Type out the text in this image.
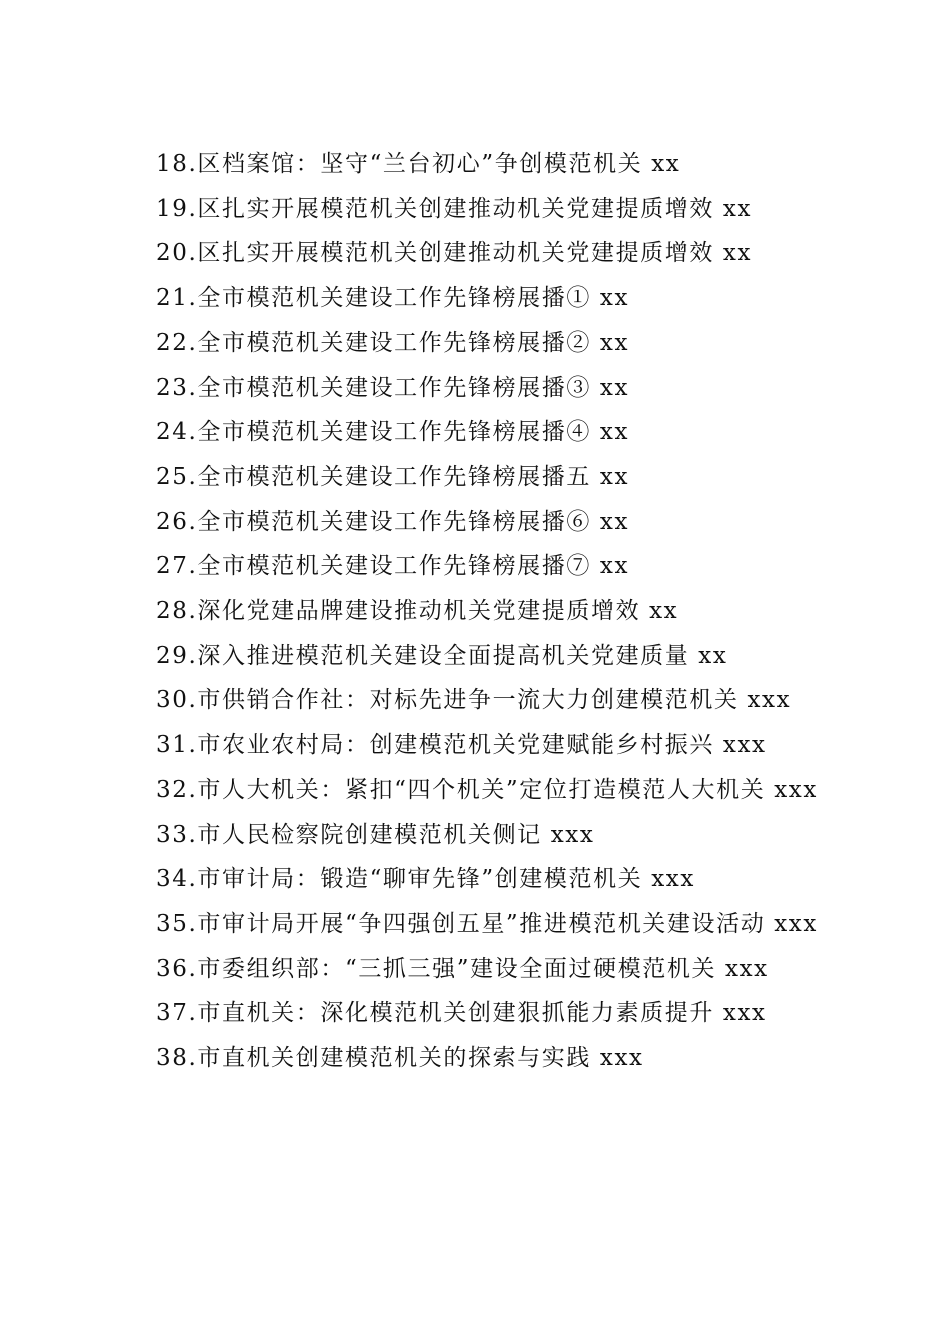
18.区档案馆：坚守“兰台初心”争创模范机关 xx
19.区扎实开展模范机关创建推动机关党建提质增效 xx
20.区扎实开展模范机关创建推动机关党建提质增效 xx
21.全市模范机关建设工作先锋榜展播① xx
22.全市模范机关建设工作先锋榜展播② xx
23.全市模范机关建设工作先锋榜展播③ xx
24.全市模范机关建设工作先锋榜展播④ xx
25.全市模范机关建设工作先锋榜展播五 xx
26.全市模范机关建设工作先锋榜展播⑥ xx
27.全市模范机关建设工作先锋榜展播⑦ xx
28.深化党建品牌建设推动机关党建提质增效 xx
29.深入推进模范机关建设全面提高机关党建质量 xx
30.市供销合作社：对标先进争一流大力创建模范机关 xxx
31.市农业农村局：创建模范机关党建赋能乡村振兴 xxx
32.市人大机关：紧扣“四个机关”定位打造模范人大机关 xxx
33.市人民检察院创建模范机关侧记 xxx
34.市审计局：锻造“聊审先锋”创建模范机关 xxx
35.市审计局开展“争四强创五星”推进模范机关建设活动 xxx
36.市委组织部：“三抓三强”建设全面过硬模范机关 xxx
37.市直机关：深化模范机关创建狠抓能力素质提升 xxx
38.市直机关创建模范机关的探索与实践 xxx
